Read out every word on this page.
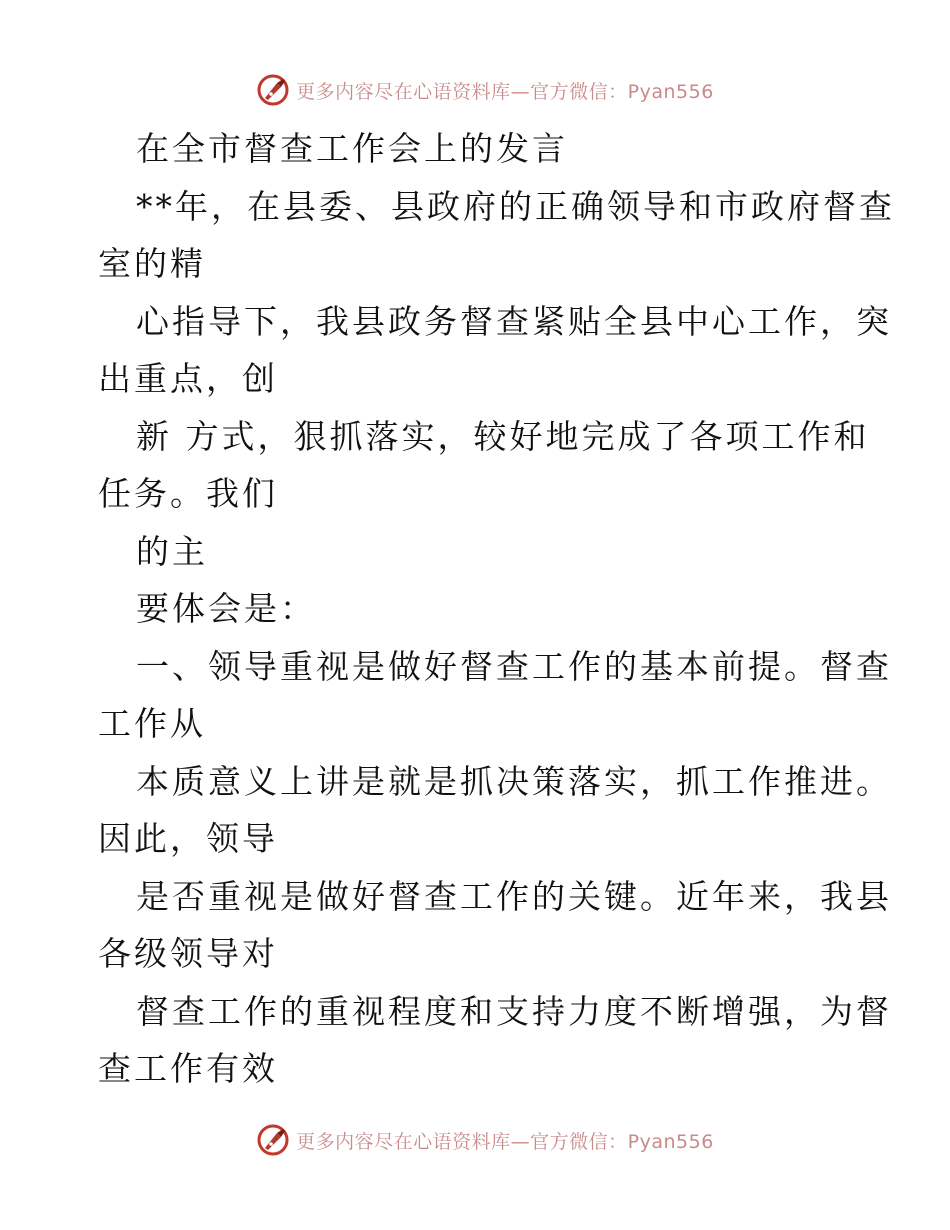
更多内容尽在心语资料库—官方微信：Pyan556
在全市督查工作会上的发言
**年，在县委、县政府的正确领导和市政府督查
室的精
心指导下，我县政务督查紧贴全县中心工作，突
出重点，创
新 方式，狠抓落实，较好地完成了各项工作和
任务。我们
的主
要体会是：
一、领导重视是做好督查工作的基本前提。督查
工作从
本质意义上讲是就是抓决策落实，抓工作推进。
因此，领导
是否重视是做好督查工作的关键。近年来，我县
各级领导对
督查工作的重视程度和支持力度不断增强，为督
查工作有效
更多内容尽在心语资料库—官方微信：Pyan556
